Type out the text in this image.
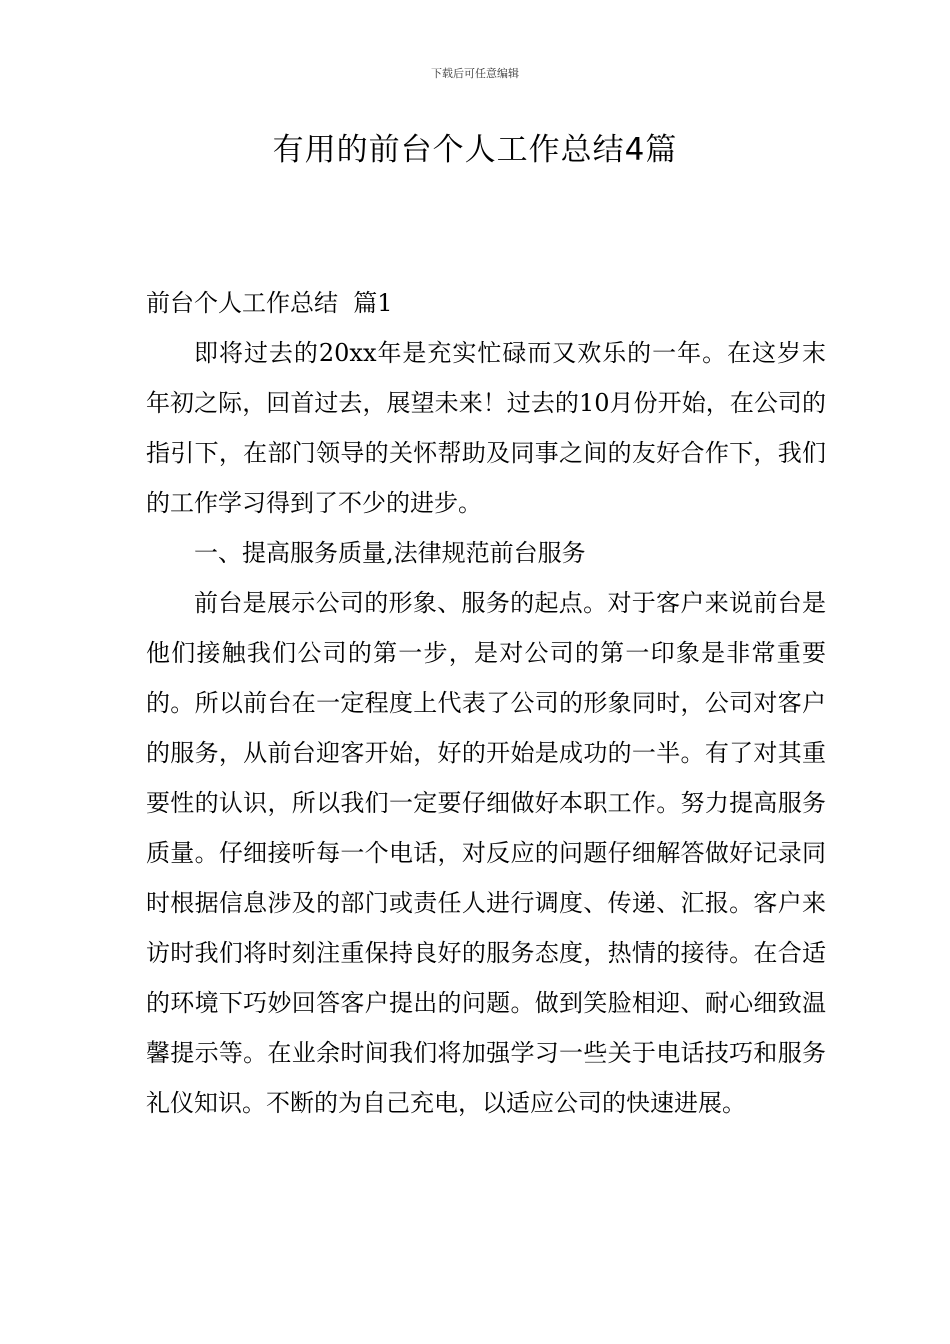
下载后可任意编辑
有用的前台个人工作总结4篇

前台个人工作总结  篇1

即将过去的20xx年是充实忙碌而又欢乐的一年。在这岁末年初之际，回首过去，展望未来！过去的10月份开始，在公司的指引下，在部门领导的关怀帮助及同事之间的友好合作下，我们的工作学习得到了不少的进步。

一、提高服务质量,法律规范前台服务

前台是展示公司的形象、服务的起点。对于客户来说前台是他们接触我们公司的第一步，是对公司的第一印象是非常重要的。所以前台在一定程度上代表了公司的形象同时，公司对客户的服务，从前台迎客开始，好的开始是成功的一半。有了对其重要性的认识，所以我们一定要仔细做好本职工作。努力提高服务质量。仔细接听每一个电话，对反应的问题仔细解答做好记录同时根据信息涉及的部门或责任人进行调度、传递、汇报。客户来访时我们将时刻注重保持良好的服务态度，热情的接待。在合适的环境下巧妙回答客户提出的问题。做到笑脸相迎、耐心细致温馨提示等。在业余时间我们将加强学习一些关于电话技巧和服务礼仪知识。不断的为自己充电，以适应公司的快速进展。
